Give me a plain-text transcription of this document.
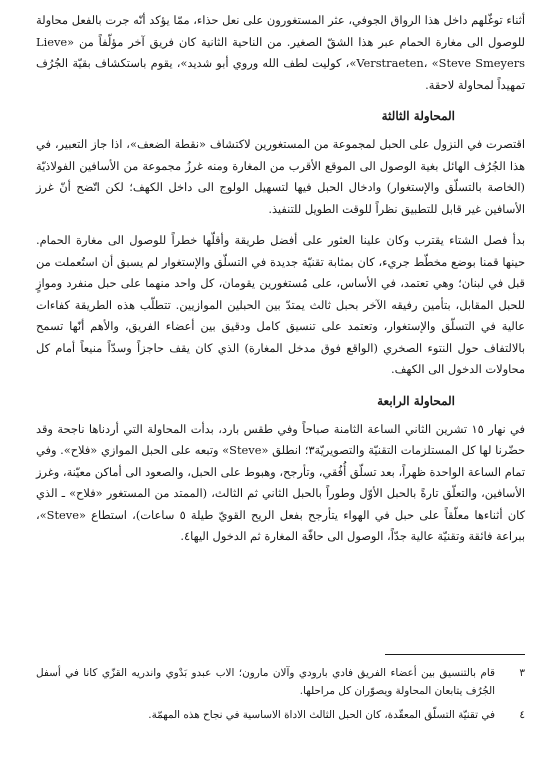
أثناء توغّلهم داخل هذا الرواق الجوفي، عثر المستغورون على نعل حذاء، ممّا يؤكد أنّه جرت بالفعل محاولة للوصول الى مغارة الحمام عبر هذا الشقّ الصغير. من الناحية الثانية كان فريق آخر مؤلّفاً من «Lieve Verstraeten، «Steve Smeyers»، كوليت لطف الله وروي أبو شديد»، يقوم باستكشاف بقيّة الجُرُف تمهيداً لمحاولة لاحقة.

المحاولة الثالثة

اقتصرت في النزول على الحبل لمجموعة من المستغورين لاكتشاف «نقطة الضعف»، اذا جاز التعبير، في هذا الجُرُف الهائل بغية الوصول الى الموقع الأقرب من المغارة ومنه غرزُ مجموعة من الأسافين الفولاذيّة (الخاصة بالتسلّق والإستغوار) وادخال الحبل فيها لتسهيل الولوج الى داخل الكهف؛ لكن اتّضح أنّ غرز الأسافين غير قابل للتطبيق نظراً للوقت الطويل للتنفيذ.

بدأ فصل الشتاء يقترب وكان علينا العثور على أفضل طريقة وأقلّها خطراً للوصول الى مغارة الحمام. حينها قمنا بوضع مخطّط جريء، كان بمثابة تقنيّة جديدة في التسلّق والإستغوار لم يسبق أن استُعملت من قبل في لبنان؛ وهي تعتمد، في الأساس، على مُستغورين يقومان، كل واحد منهما على حبل منفرد وموازٍ للحبل المقابل، بتأمين رفيقه الآخر بحبل ثالث يمتدّ بين الحبلين الموازيين. تتطلّب هذه الطريقة كفاءات عالية في التسلّق والإستغوار، وتعتمد على تنسيق كامل ودقيق بين أعضاء الفريق، والأهم أنّها تسمح بالالتفاف حول النتوء الصخري (الواقع فوق مدخل المغارة) الذي كان يقف حاجزاً وسدّاً منيعاً أمام كل محاولات الدخول الى الكهف.

المحاولة الرابعة

في نهار ١٥ تشرين الثاني الساعة الثامنة صباحاً وفي طقس بارد، بدأت المحاولة التي أردناها ناجحة وقد حضّرنا لها كل المستلزمات التقنيّة والتصويريّة٣؛ انطلق «Steve» وتبعه على الحبل الموازي «فلاح». وفي تمام الساعة الواحدة ظهراً، بعد تسلّق أُفُقي، وتأرجح، وهبوط على الحبل، والصعود الى أماكن معيّنة، وغرز الأسافين، والتعلّق تارةً بالحبل الأوّل وطوراً بالحبل الثاني ثم الثالث، (الممتد من المستغور «فلاح» ـ الذي كان أثناءها معلّقاً على حبل في الهواء يتأرجح بفعل الريح القويّ طيلة ٥ ساعات)، استطاع «Steve»، ببراعة فائقة وتقنيّة عالية جدّاً، الوصول الى حافّة المغارة ثم الدخول اليها٤.

٣
قام بالتنسيق بين أعضاء الفريق فادي بارودي وآلان مارون؛ الاب عبدو بَدْوي واندريه القزّي كانا في أسفل الجُرُف يتابعان المحاولة ويصوّران كل مراحلها.
٤
في تقنيّة التسلّق المعقّدة، كان الحبل الثالث الاداة الاساسية في نجاح هذه المهمّة.
